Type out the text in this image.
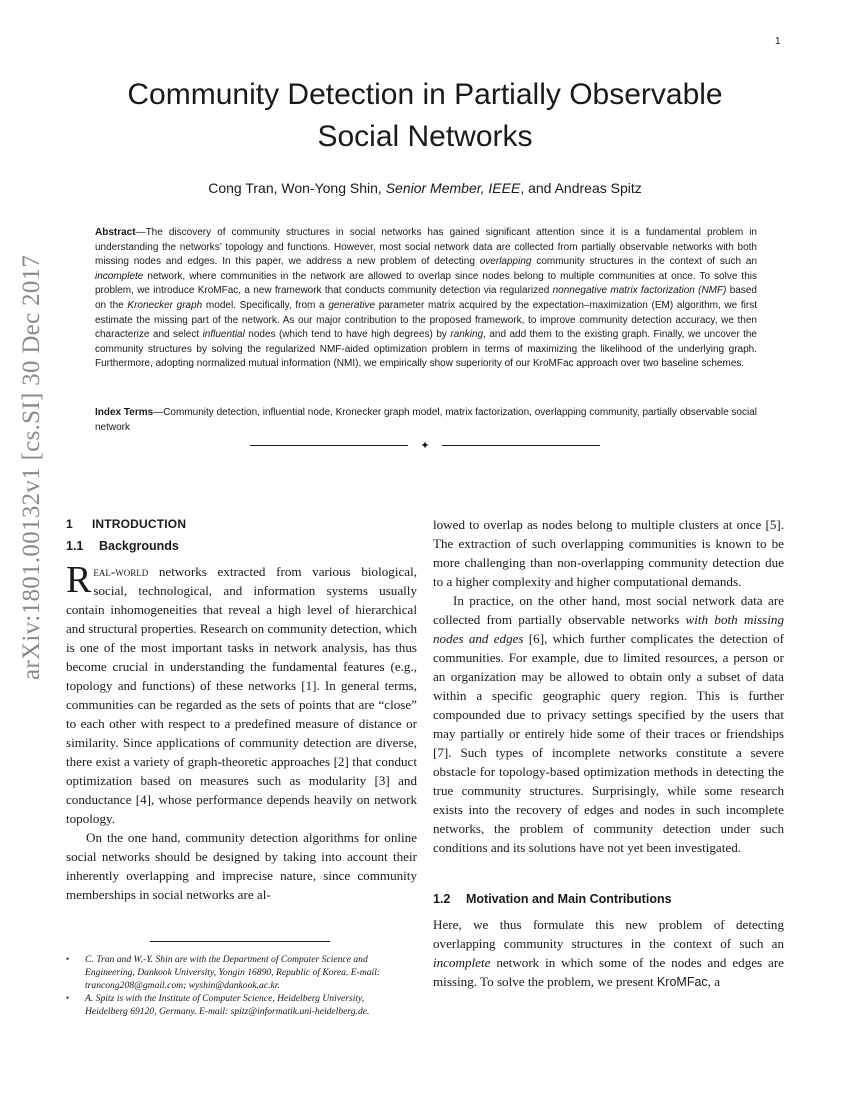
1
arXiv:1801.00132v1 [cs.SI] 30 Dec 2017
Community Detection in Partially Observable
Social Networks
Cong Tran, Won-Yong Shin, Senior Member, IEEE, and Andreas Spitz
Abstract—The discovery of community structures in social networks has gained significant attention since it is a fundamental problem in understanding the networks’ topology and functions. However, most social network data are collected from partially observable networks with both missing nodes and edges. In this paper, we address a new problem of detecting overlapping community structures in the context of such an incomplete network, where communities in the network are allowed to overlap since nodes belong to multiple communities at once. To solve this problem, we introduce KroMFac, a new framework that conducts community detection via regularized nonnegative matrix factorization (NMF) based on the Kronecker graph model. Specifically, from a generative parameter matrix acquired by the expectation–maximization (EM) algorithm, we first estimate the missing part of the network. As our major contribution to the proposed framework, to improve community detection accuracy, we then characterize and select influential nodes (which tend to have high degrees) by ranking, and add them to the existing graph. Finally, we uncover the community structures by solving the regularized NMF-aided optimization problem in terms of maximizing the likelihood of the underlying graph. Furthermore, adopting normalized mutual information (NMI), we empirically show superiority of our KroMFac approach over two baseline schemes.
Index Terms—Community detection, influential node, Kronecker graph model, matrix factorization, overlapping community, partially observable social network
✦
1 INTRODUCTION
1.1 Backgrounds

Real-world networks extracted from various biological, social, technological, and information systems usually contain inhomogeneities that reveal a high level of hierarchical and structural properties. Research on community detection, which is one of the most important tasks in network analysis, has thus become crucial in understanding the fundamental features (e.g., topology and functions) of these networks [1]. In general terms, communities can be regarded as the sets of points that are “close” to each other with respect to a predefined measure of distance or similarity. Since applications of community detection are diverse, there exist a variety of graph-theoretic approaches [2] that conduct optimization based on measures such as modularity [3] and conductance [4], whose performance depends heavily on network topology.

On the one hand, community detection algorithms for online social networks should be designed by taking into account their inherently overlapping and imprecise nature, since community memberships in social networks are al-

lowed to overlap as nodes belong to multiple clusters at once [5]. The extraction of such overlapping communities is known to be more challenging than non-overlapping community detection due to a higher complexity and higher computational demands.

In practice, on the other hand, most social network data are collected from partially observable networks with both missing nodes and edges [6], which further complicates the detection of communities. For example, due to limited resources, a person or an organization may be allowed to obtain only a subset of data within a specific geographic query region. This is further compounded due to privacy settings specified by the users that may partially or entirely hide some of their traces or friendships [7]. Such types of incomplete networks constitute a severe obstacle for topology-based optimization methods in detecting the true community structures. Surprisingly, while some research exists into the recovery of edges and nodes in such incomplete networks, the problem of community detection under such conditions and its solutions have not yet been investigated.

1.2 Motivation and Main Contributions

Here, we thus formulate this new problem of detecting overlapping community structures in the context of such an incomplete network in which some of the nodes and edges are missing. To solve the problem, we present KroMFac, a

• C. Tran and W.-Y. Shin are with the Department of Computer Science and Engineering, Dankook University, Yongin 16890, Republic of Korea. E-mail: trancong208@gmail.com; wyshin@dankook.ac.kr.
• A. Spitz is with the Institute of Computer Science, Heidelberg University, Heidelberg 69120, Germany. E-mail: spitz@informatik.uni-heidelberg.de.
